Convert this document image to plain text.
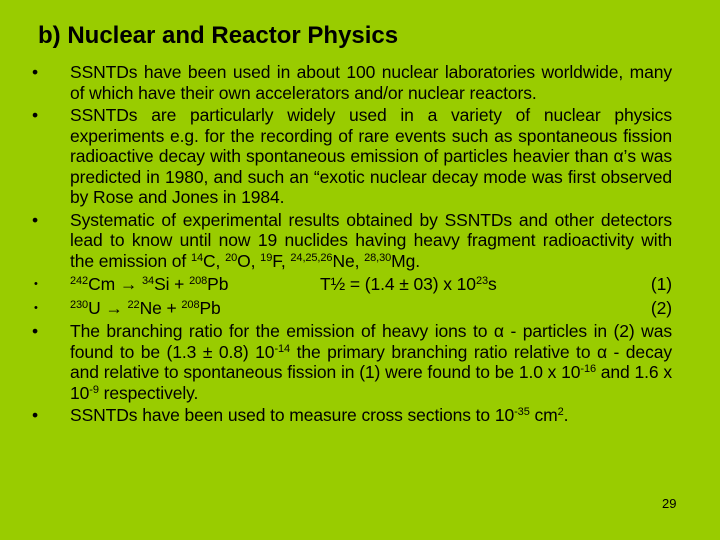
b) Nuclear and Reactor Physics
• SSNTDs have been used in about 100 nuclear laboratories worldwide, many of which have their own accelerators and/or nuclear reactors.
• SSNTDs are particularly widely used in a variety of nuclear physics experiments e.g. for the recording of rare events such as spontaneous fission radioactive decay with spontaneous emission of particles heavier than α’s was predicted in 1980, and such an “exotic nuclear decay mode was first observed by Rose and Jones in 1984.
• Systematic of experimental results obtained by SSNTDs and other detectors lead to know until now 19 nuclides having heavy fragment radioactivity with the emission of $^{14}$C, $^{20}$O, $^{19}$F, $^{24,25,26}$Ne, $^{28,30}$Mg.
• $^{242}$Cm → $^{34}$Si + $^{208}$Pb	T½ = (1.4 ± 03) x $10^{23}s$	(1)
• $^{230}$U → $^{22}$Ne + $^{208}$Pb	(2)
• The branching ratio for the emission of heavy ions to α - particles in (2) was found to be (1.3 ± 0.8) $10^{-14}$ the primary branching ratio relative to α - decay and relative to spontaneous fission in (1) were found to be 1.0 x $10^{-16}$ and 1.6 x $10^{-9}$ respectively.
• SSNTDs have been used to measure cross sections to $10^{-35}$ $cm^2$.
29
